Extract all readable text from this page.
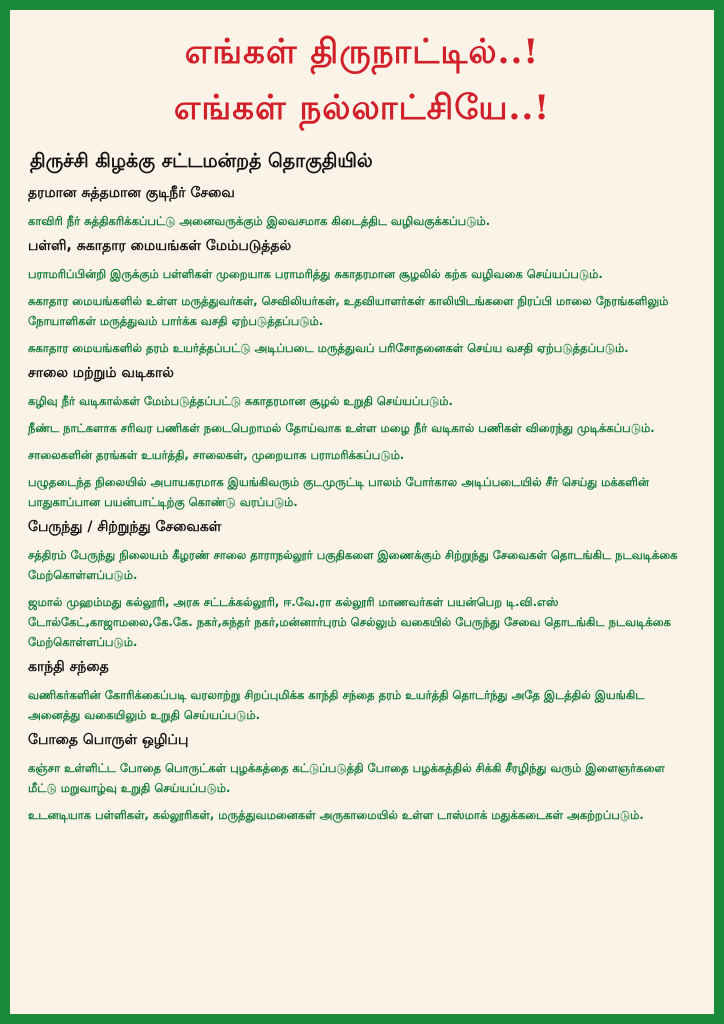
எங்கள் திருநாட்டில்..!
எங்கள் நல்லாட்சியே..!
திருச்சி கிழக்கு சட்டமன்றத் தொகுதியில்
தரமான சுத்தமான குடிநீர் சேவை

காவிரி நீர் சுத்திகரிக்கப்பட்டு அனைவருக்கும் இலவசமாக கிடைத்திட வழிவகுக்கப்படும்.

பள்ளி, சுகாதார மையங்கள் மேம்படுத்தல்

பராமரிப்பின்றி இருக்கும் பள்ளிகள் முறையாக பராமரித்து சுகாதரமான சூழலில் கற்க வழிவகை செய்யப்படும்.

சுகாதார மையங்களில் உள்ள மருத்துவர்கள், செவிலியர்கள், உதவியாளர்கள் காலியிடங்களை நிரப்பி மாலை நேரங்களிலும் நோயாளிகள் மருத்துவம் பார்க்க வசதி ஏற்படுத்தப்படும்.

சுகாதார மையங்களில் தரம் உயர்த்தப்பட்டு அடிப்படை மருத்துவப் பரிசோதனைகள் செய்ய வசதி ஏற்படுத்தப்படும்.

சாலை மற்றும் வடிகால்

கழிவு நீர் வடிகால்கள் மேம்படுத்தப்பட்டு சுகாதரமான சூழல் உறுதி செய்யப்படும்.

நீண்ட நாட்களாக சரிவர பணிகள் நடைபெறாமல் தோய்வாக உள்ள மழை நீர் வடிகால் பணிகள் விரைந்து முடிக்கப்படும்.

சாலைகளின் தரங்கள் உயர்த்தி, சாலைகள், முறையாக பராமரிக்கப்படும்.

பழுதடைந்த நிலையில் அபாயகரமாக இயங்கிவரும் குடமுருட்டி பாலம் போர்கால அடிப்படையில் சீர் செய்து மக்களின் பாதுகாப்பான பயன்பாட்டிற்கு கொண்டு வரப்படும்.

பேருந்து / சிற்றுந்து சேவைகள்

சத்திரம் பேருந்து நிலையம் கீழரண் சாலை தாராநல்லூர் பகுதிகளை இணைக்கும் சிற்றுந்து சேவைகள் தொடங்கிட நடவடிக்கை மேற்கொள்ளப்படும்.

ஜமால் முஹம்மது கல்லூரி, அரசு சட்டக்கல்லூரி, ஈ.வே.ரா கல்லூரி மாணவர்கள் பயன்பெற டி.வி.எஸ் டோல்கேட்,காஜாமலை,கே.கே. நகர்,சுந்தர் நகர்,மன்னார்புரம் செல்லும் வகையில் பேருந்து சேவை தொடங்கிட நடவடிக்கை மேற்கொள்ளப்படும்.

காந்தி சந்தை

வணிகர்களின் கோரிக்கைப்படி வரலாற்று சிறப்புமிக்க காந்தி சந்தை தரம் உயர்த்தி தொடர்ந்து அதே இடத்தில் இயங்கிட அனைத்து வகையிலும் உறுதி செய்யப்படும்.

போதை பொருள் ஒழிப்பு

கஞ்சா உள்ளிட்ட போதை பொருட்கள் புழக்கத்தை கட்டுப்படுத்தி போதை பழக்கத்தில் சிக்கி சீரழிந்து வரும் இளைஞர்களை மீட்டு மறுவாழ்வு உறுதி செய்யப்படும்.

உடனடியாக பள்ளிகள், கல்லூரிகள், மருத்துவமனைகள் அருகாமையில் உள்ள டாஸ்மாக் மதுக்கடைகள் அகற்றப்படும்.
